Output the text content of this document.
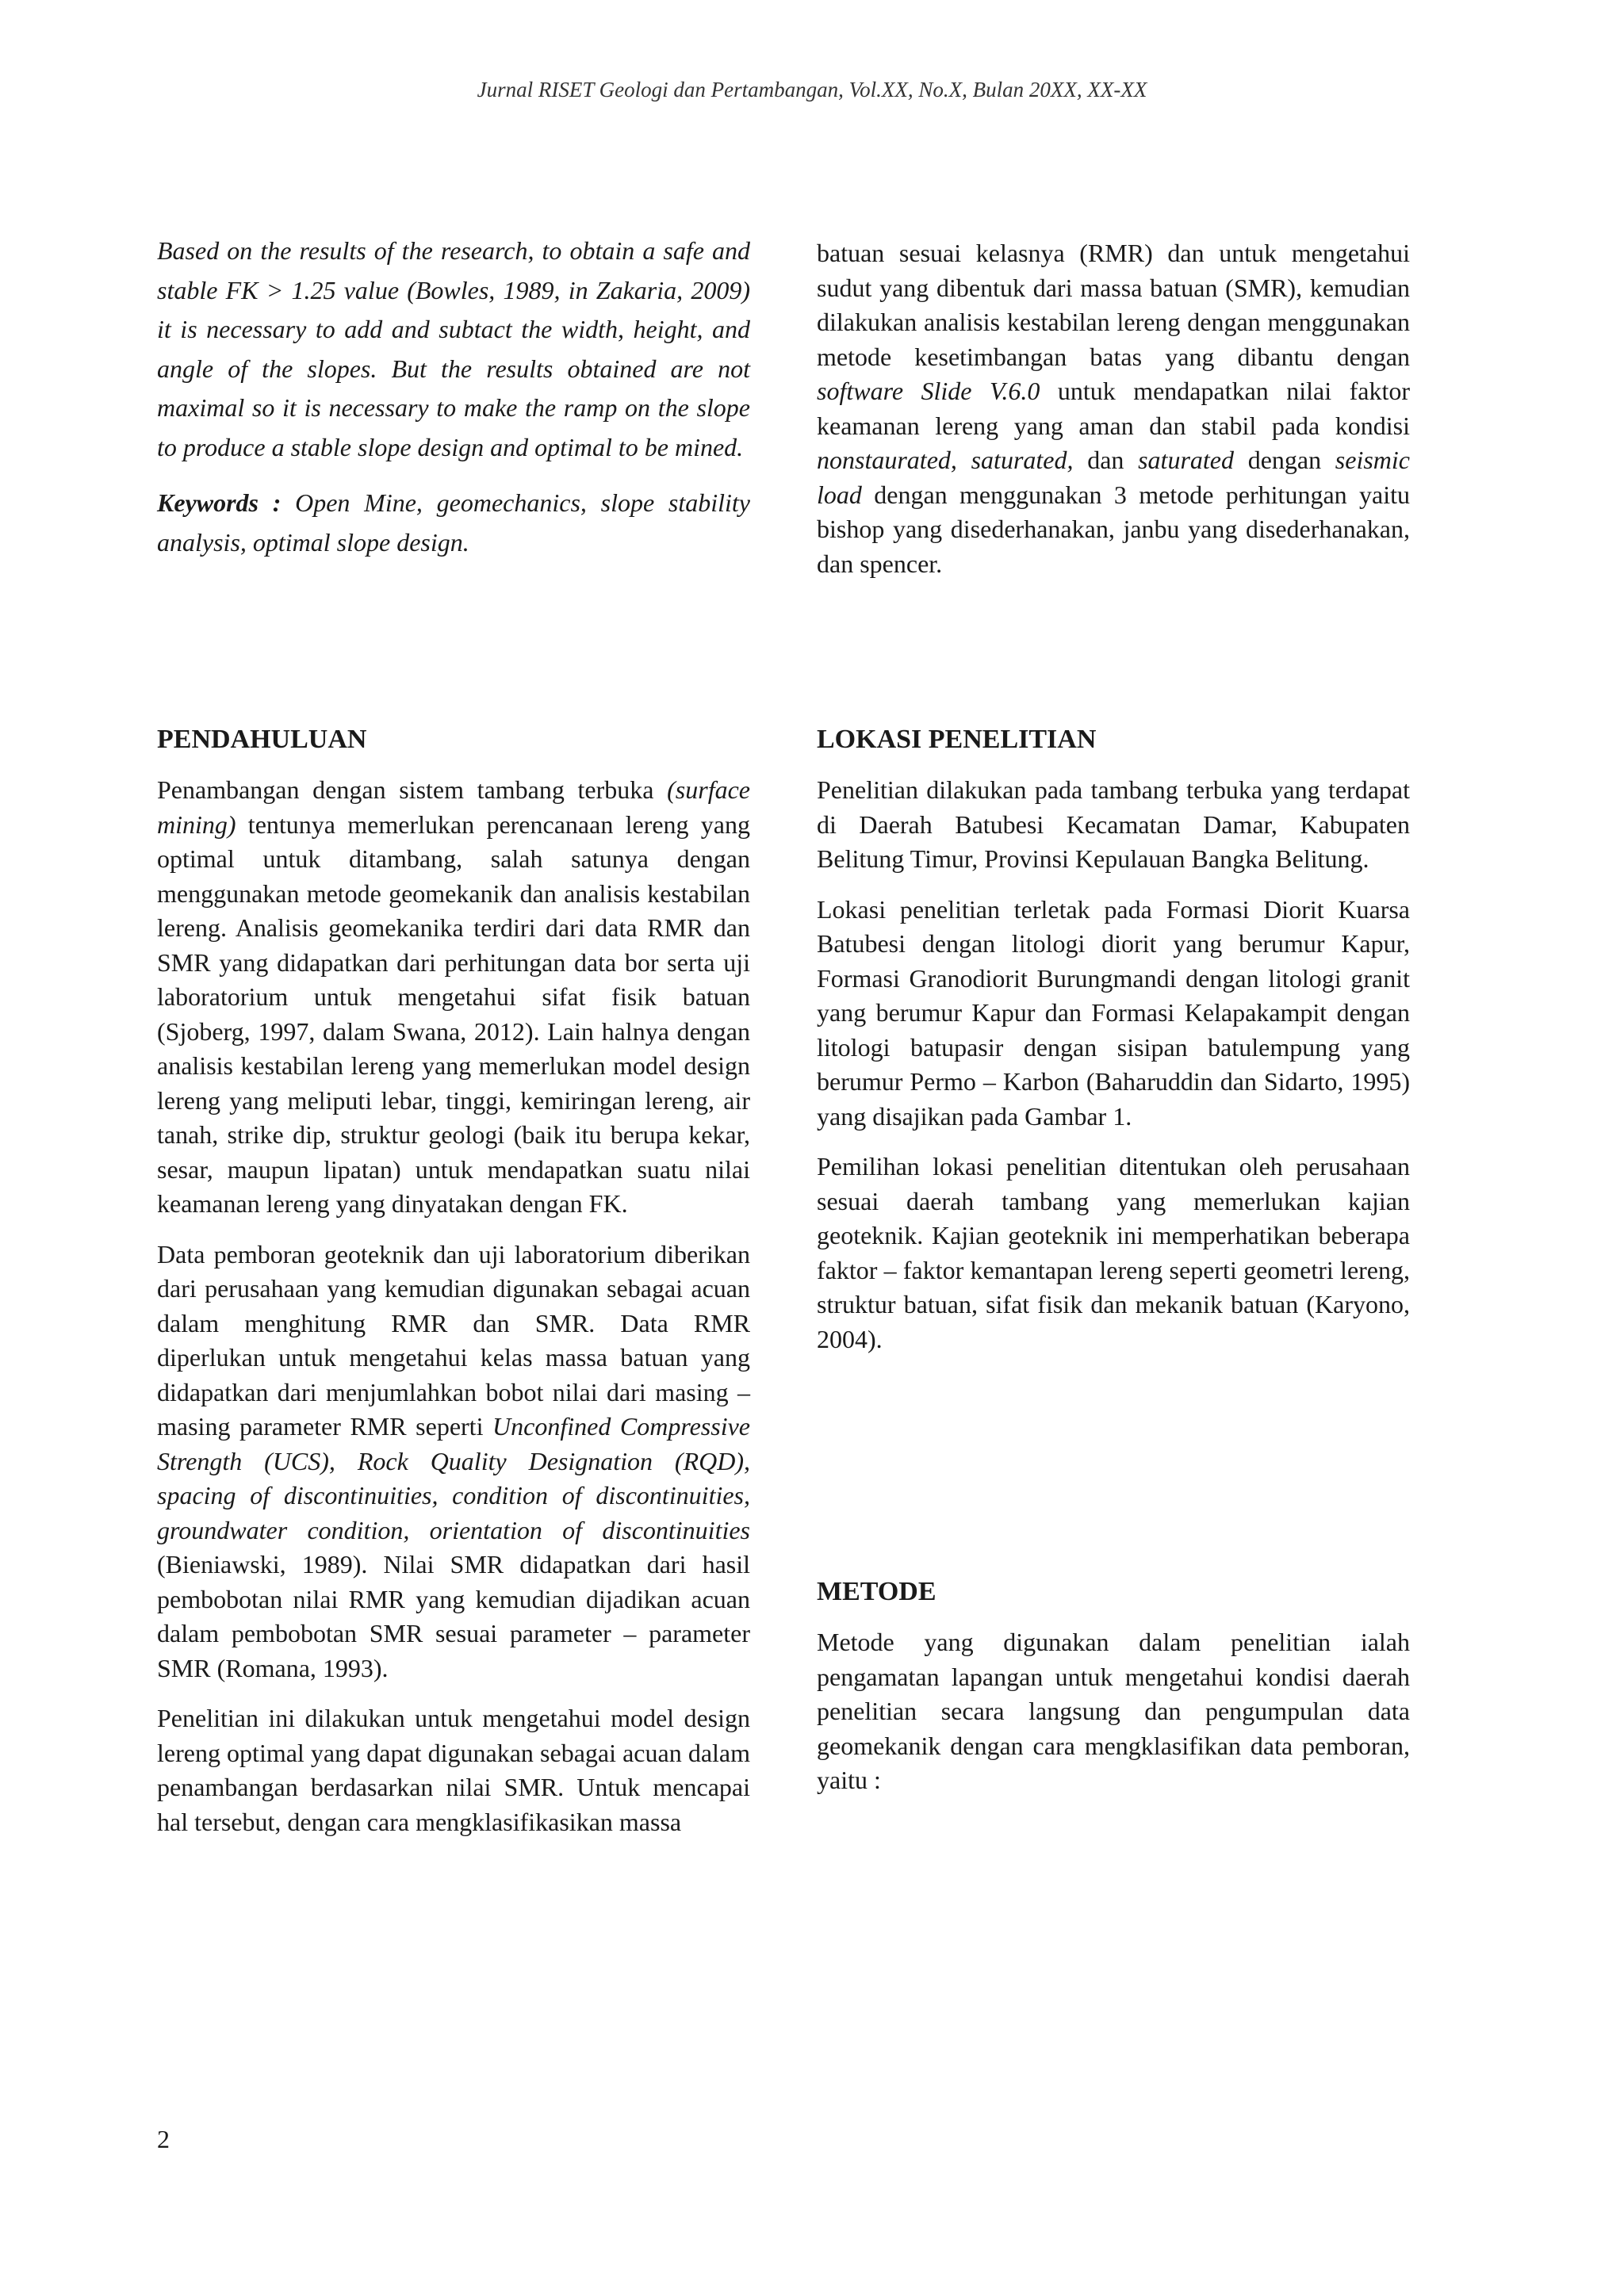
Jurnal RISET Geologi dan Pertambangan, Vol.XX, No.X, Bulan 20XX, XX-XX

Based on the results of the research, to obtain a safe and stable FK > 1.25 value (Bowles, 1989, in Zakaria, 2009) it is necessary to add and subtact the width, height, and angle of the slopes. But the results obtained are not maximal so it is necessary to make the ramp on the slope to produce a stable slope design and optimal to be mined.

Keywords : Open Mine, geomechanics, slope stability analysis, optimal slope design.

batuan sesuai kelasnya (RMR) dan untuk mengetahui sudut yang dibentuk dari massa batuan (SMR), kemudian dilakukan analisis kestabilan lereng dengan menggunakan metode kesetimbangan batas yang dibantu dengan software Slide V.6.0 untuk mendapatkan nilai faktor keamanan lereng yang aman dan stabil pada kondisi nonstaurated, saturated, dan saturated dengan seismic load dengan menggunakan 3 metode perhitungan yaitu bishop yang disederhanakan, janbu yang disederhanakan, dan spencer.

PENDAHULUAN

Penambangan dengan sistem tambang terbuka (surface mining) tentunya memerlukan perencanaan lereng yang optimal untuk ditambang, salah satunya dengan menggunakan metode geomekanik dan analisis kestabilan lereng. Analisis geomekanika terdiri dari data RMR dan SMR yang didapatkan dari perhitungan data bor serta uji laboratorium untuk mengetahui sifat fisik batuan (Sjoberg, 1997, dalam Swana, 2012). Lain halnya dengan analisis kestabilan lereng yang memerlukan model design lereng yang meliputi lebar, tinggi, kemiringan lereng, air tanah, strike dip, struktur geologi (baik itu berupa kekar, sesar, maupun lipatan) untuk mendapatkan suatu nilai keamanan lereng yang dinyatakan dengan FK.

Data pemboran geoteknik dan uji laboratorium diberikan dari perusahaan yang kemudian digunakan sebagai acuan dalam menghitung RMR dan SMR. Data RMR diperlukan untuk mengetahui kelas massa batuan yang didapatkan dari menjumlahkan bobot nilai dari masing – masing parameter RMR seperti Unconfined Compressive Strength (UCS), Rock Quality Designation (RQD), spacing of discontinuities, condition of discontinuities, groundwater condition, orientation of discontinuities (Bieniawski, 1989). Nilai SMR didapatkan dari hasil pembobotan nilai RMR yang kemudian dijadikan acuan dalam pembobotan SMR sesuai parameter – parameter SMR (Romana, 1993).

Penelitian ini dilakukan untuk mengetahui model design lereng optimal yang dapat digunakan sebagai acuan dalam penambangan berdasarkan nilai SMR. Untuk mencapai hal tersebut, dengan cara mengklasifikasikan massa

LOKASI PENELITIAN

Penelitian dilakukan pada tambang terbuka yang terdapat di Daerah Batubesi Kecamatan Damar, Kabupaten Belitung Timur, Provinsi Kepulauan Bangka Belitung.

Lokasi penelitian terletak pada Formasi Diorit Kuarsa Batubesi dengan litologi diorit yang berumur Kapur, Formasi Granodiorit Burungmandi dengan litologi granit yang berumur Kapur dan Formasi Kelapakampit dengan litologi batupasir dengan sisipan batulempung yang berumur Permo – Karbon (Baharuddin dan Sidarto, 1995) yang disajikan pada Gambar 1.

Pemilihan lokasi penelitian ditentukan oleh perusahaan sesuai daerah tambang yang memerlukan kajian geoteknik. Kajian geoteknik ini memperhatikan beberapa faktor – faktor kemantapan lereng seperti geometri lereng, struktur batuan, sifat fisik dan mekanik batuan (Karyono, 2004).

METODE

Metode yang digunakan dalam penelitian ialah pengamatan lapangan untuk mengetahui kondisi daerah penelitian secara langsung dan pengumpulan data geomekanik dengan cara mengklasifikan data pemboran, yaitu :

2
